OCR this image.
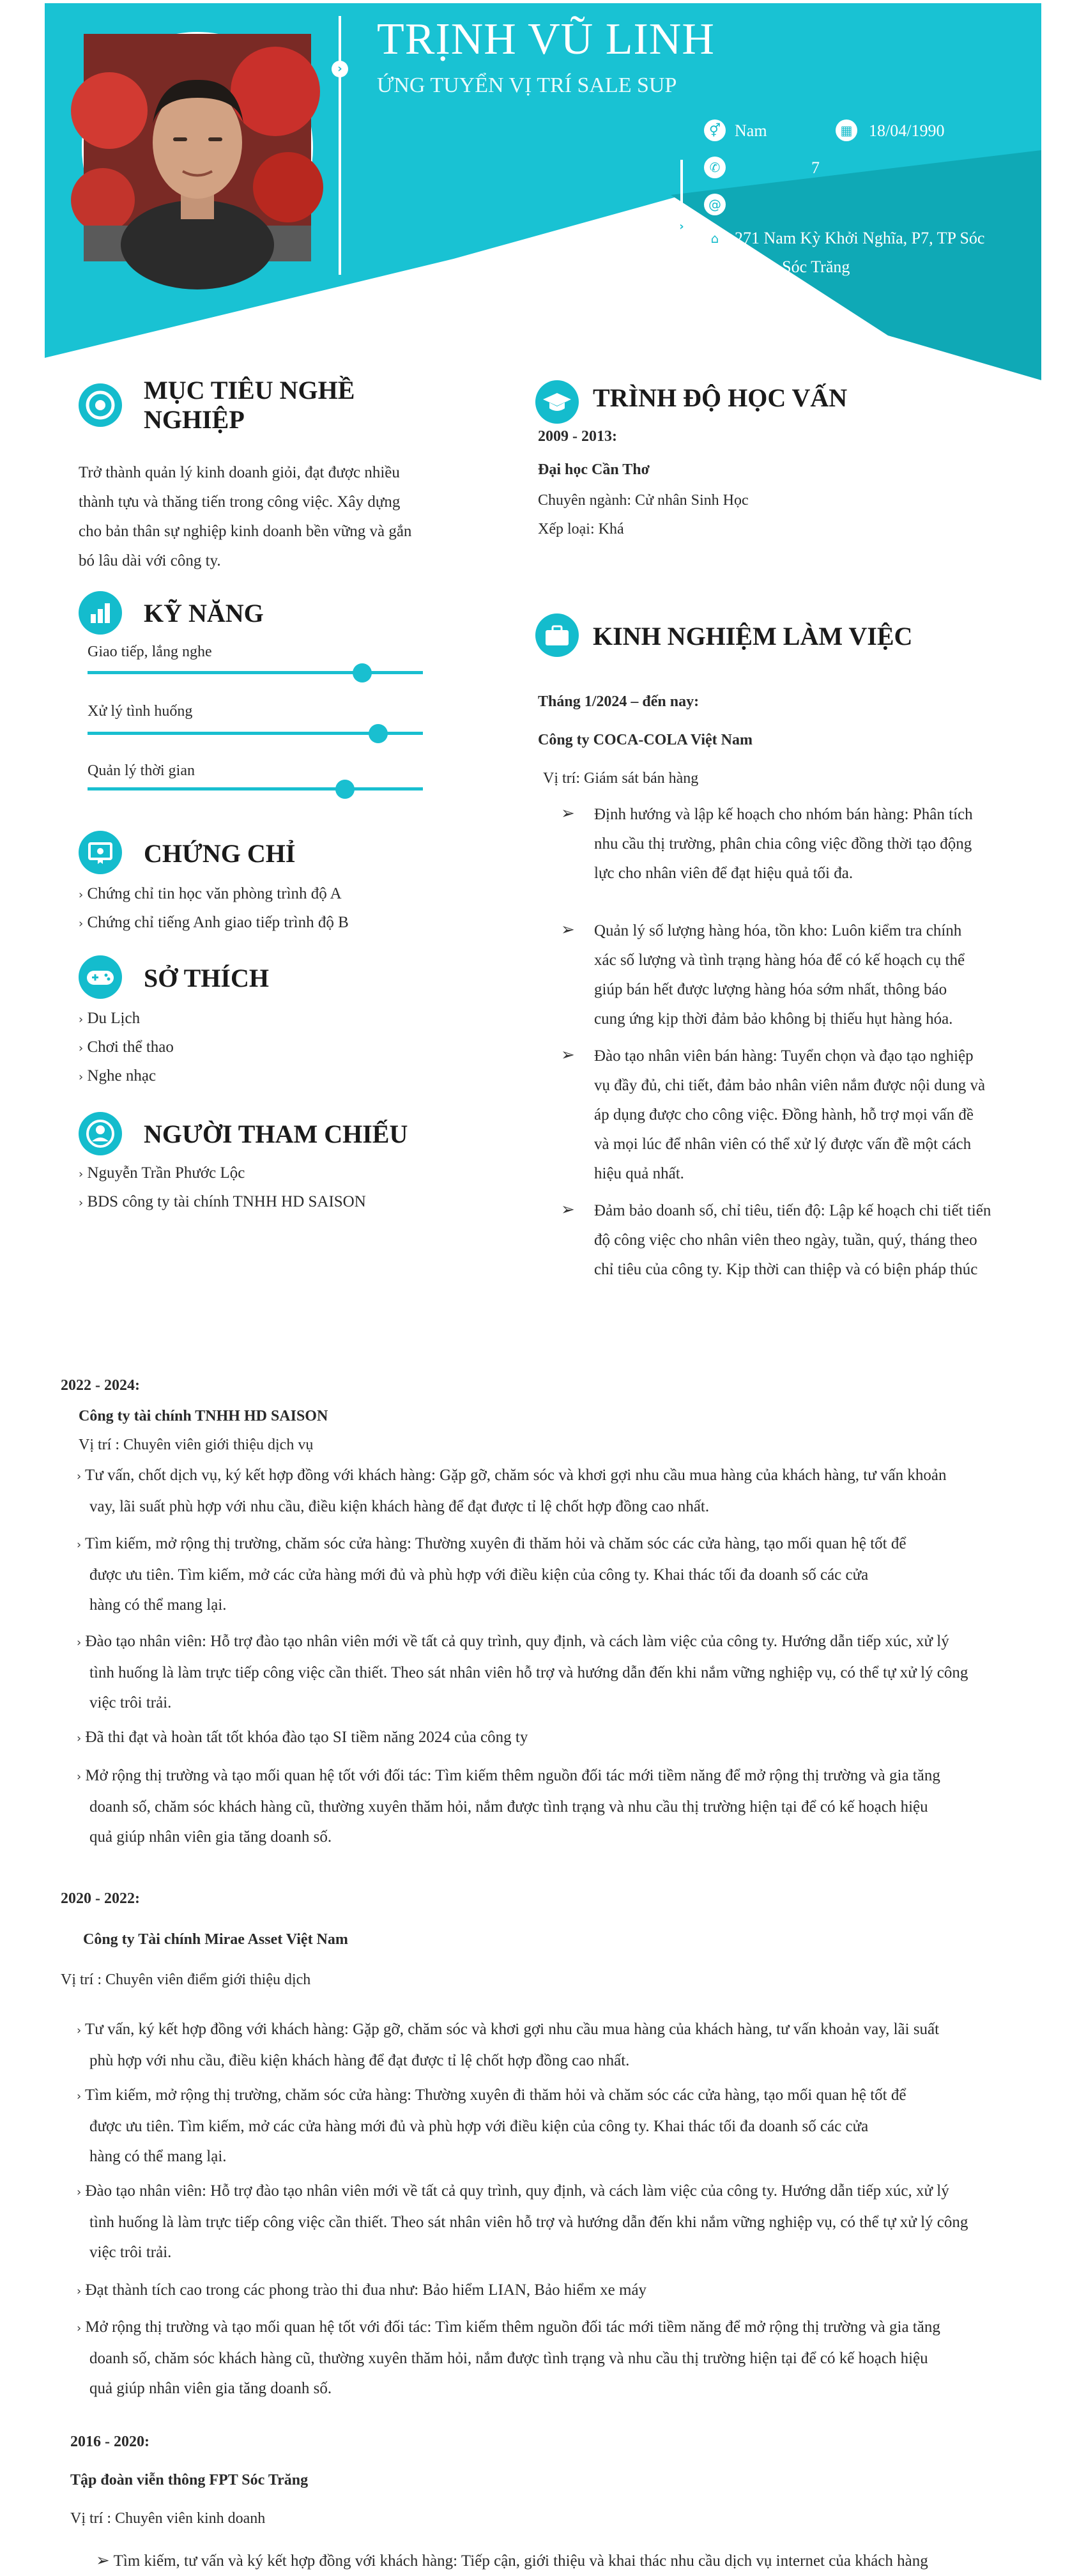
›
›
TRỊNH VŨ LINH
ỨNG TUYỂN VỊ TRÍ SALE SUP
⚥ Nam	▦ 18/04/1990
✆	7
@
⌂ 271 Nam Kỳ Khởi Nghĩa, P7, TP Sóc
Trăng, Sóc Trăng
MỤC TIÊU NGHỀ
NGHIỆP
Trở thành quản lý kinh doanh giỏi, đạt được nhiều
thành tựu và thăng tiến trong công việc. Xây dựng
cho bản thân sự nghiệp kinh doanh bền vững và gắn
bó lâu dài với công ty.
KỸ NĂNG
Giao tiếp, lắng nghe
Xử lý tình huống
Quản lý thời gian
CHỨNG CHỈ
› Chứng chỉ tin học văn phòng trình độ A
› Chứng chỉ tiếng Anh giao tiếp trình độ B
SỞ THÍCH
› Du Lịch
› Chơi thể thao
› Nghe nhạc
NGƯỜI THAM CHIẾU
› Nguyễn Trần Phước Lộc
› BDS công ty tài chính TNHH HD SAISON
TRÌNH ĐỘ HỌC VẤN
2009 - 2013:
Đại học Cần Thơ
Chuyên ngành: Cử nhân Sinh Học
Xếp loại: Khá
KINH NGHIỆM LÀM VIỆC
Tháng 1/2024 – đến nay:
Công ty COCA-COLA Việt Nam
Vị trí: Giám sát bán hàng
➢ Định hướng và lập kế hoạch cho nhóm bán hàng: Phân tích
nhu cầu thị trường, phân chia công việc đồng thời tạo động
lực cho nhân viên để đạt hiệu quả tối đa.
➢ Quản lý số lượng hàng hóa, tồn kho: Luôn kiểm tra chính
xác số lượng và tình trạng hàng hóa để có kế hoạch cụ thể
giúp bán hết được lượng hàng hóa sớm nhất, thông báo
cung ứng kịp thời đảm bảo không bị thiếu hụt hàng hóa.
➢ Đào tạo nhân viên bán hàng: Tuyển chọn và đạo tạo nghiệp
vụ đầy đủ, chi tiết, đảm bảo nhân viên nắm được nội dung và
áp dụng được cho công việc. Đồng hành, hỗ trợ mọi vấn đề
và mọi lúc để nhân viên có thể xử lý được vấn đề một cách
hiệu quả nhất.
➢ Đảm bảo doanh số, chỉ tiêu, tiến độ: Lập kế hoạch chi tiết tiến
độ công việc cho nhân viên theo ngày, tuần, quý, tháng theo
chỉ tiêu của công ty. Kịp thời can thiệp và có biện pháp thúc
2022 - 2024:
Công ty tài chính TNHH HD SAISON
Vị trí : Chuyên viên giới thiệu dịch vụ
› Tư vấn, chốt dịch vụ, ký kết hợp đồng với khách hàng: Gặp gỡ, chăm sóc và khơi gợi nhu cầu mua hàng của khách hàng, tư vấn khoản
vay, lãi suất phù hợp với nhu cầu, điều kiện khách hàng để đạt được tỉ lệ chốt hợp đồng cao nhất.
› Tìm kiếm, mở rộng thị trường, chăm sóc cửa hàng: Thường xuyên đi thăm hỏi và chăm sóc các cửa hàng, tạo mối quan hệ tốt để
được ưu tiên. Tìm kiếm, mở các cửa hàng mới đủ và phù hợp với điều kiện của công ty. Khai thác tối đa doanh số các cửa
hàng có thể mang lại.
› Đào tạo nhân viên: Hỗ trợ đào tạo nhân viên mới về tất cả quy trình, quy định, và cách làm việc của công ty. Hướng dẫn tiếp xúc, xử lý
tình huống là làm trực tiếp công việc cần thiết. Theo sát nhân viên hỗ trợ và hướng dẫn đến khi nắm vững nghiệp vụ, có thể tự xử lý công
việc trôi trải.
› Đã thi đạt và hoàn tất tốt khóa đào tạo SI tiềm năng 2024 của công ty
› Mở rộng thị trường và tạo mối quan hệ tốt với đối tác: Tìm kiếm thêm nguồn đối tác mới tiềm năng để mở rộng thị trường và gia tăng
doanh số, chăm sóc khách hàng cũ, thường xuyên thăm hỏi, nắm được tình trạng và nhu cầu thị trường hiện tại để có kế hoạch hiệu
quả giúp nhân viên gia tăng doanh số.
2020 - 2022:
Công ty Tài chính Mirae Asset Việt Nam
Vị trí : Chuyên viên điểm giới thiệu dịch
› Tư vấn, ký kết hợp đồng với khách hàng: Gặp gỡ, chăm sóc và khơi gợi nhu cầu mua hàng của khách hàng, tư vấn khoản vay, lãi suất
phù hợp với nhu cầu, điều kiện khách hàng để đạt được tỉ lệ chốt hợp đồng cao nhất.
› Tìm kiếm, mở rộng thị trường, chăm sóc cửa hàng: Thường xuyên đi thăm hỏi và chăm sóc các cửa hàng, tạo mối quan hệ tốt để
được ưu tiên. Tìm kiếm, mở các cửa hàng mới đủ và phù hợp với điều kiện của công ty. Khai thác tối đa doanh số các cửa
hàng có thể mang lại.
› Đào tạo nhân viên: Hỗ trợ đào tạo nhân viên mới về tất cả quy trình, quy định, và cách làm việc của công ty. Hướng dẫn tiếp xúc, xử lý
tình huống là làm trực tiếp công việc cần thiết. Theo sát nhân viên hỗ trợ và hướng dẫn đến khi nắm vững nghiệp vụ, có thể tự xử lý công
việc trôi trải.
› Đạt thành tích cao trong các phong trào thi đua như: Bảo hiểm LIAN, Bảo hiểm xe máy
› Mở rộng thị trường và tạo mối quan hệ tốt với đối tác: Tìm kiếm thêm nguồn đối tác mới tiềm năng để mở rộng thị trường và gia tăng
doanh số, chăm sóc khách hàng cũ, thường xuyên thăm hỏi, nắm được tình trạng và nhu cầu thị trường hiện tại để có kế hoạch hiệu
quả giúp nhân viên gia tăng doanh số.
2016 - 2020:
Tập đoàn viễn thông FPT Sóc Trăng
Vị trí : Chuyên viên kinh doanh
➢ Tìm kiếm, tư vấn và ký kết hợp đồng với khách hàng: Tiếp cận, giới thiệu và khai thác nhu cầu dịch vụ internet của khách hàng
